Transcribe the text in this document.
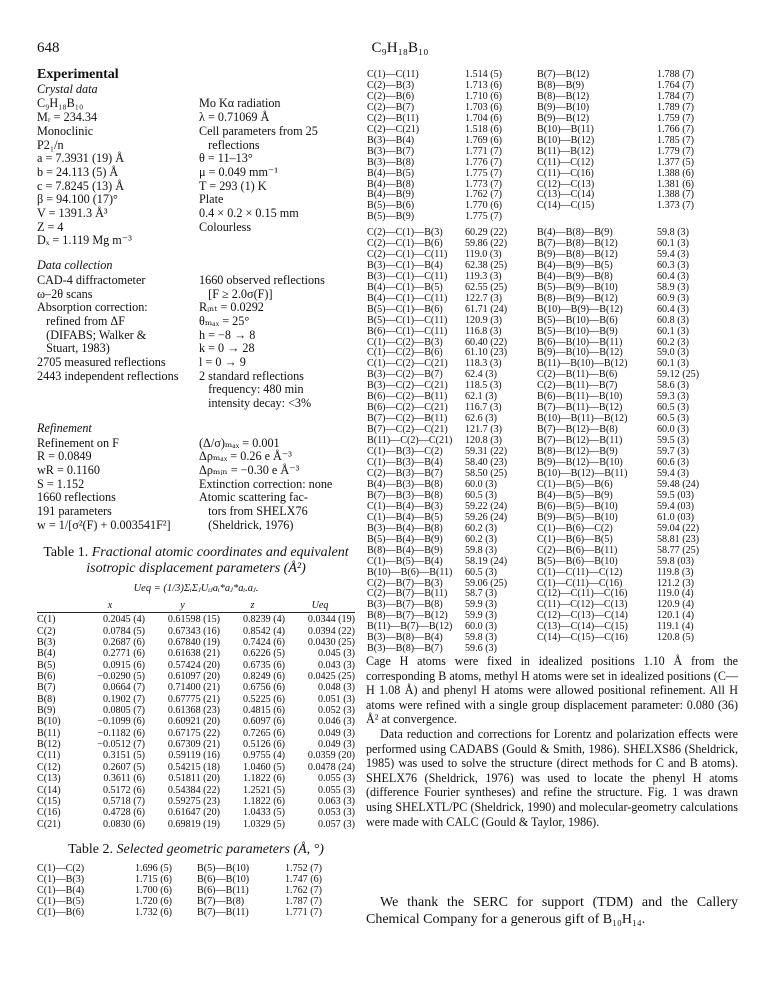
648	C₉H₁₈B₁₀
Experimental
Crystal data
C₉H₁₈B₁₀	Mo Kα radiation
Mᵣ = 234.34	λ = 0.71069 Å
Monoclinic	Cell parameters from 25
P2₁/n	reflections
a = 7.3931 (19) Å	θ = 11–13°
b = 24.113 (5) Å	μ = 0.049 mm⁻¹
c = 7.8245 (13) Å	T = 293 (1) K
β = 94.100 (17)°	Plate
V = 1391.3 Å³	0.4 × 0.2 × 0.15 mm
Z = 4	Colourless
Dₓ = 1.119 Mg m⁻³
Data collection
CAD-4 diffractometer	1660 observed reflections
ω–2θ scans	[F ≥ 2.0σ(F)]
Absorption correction:	Rᵢₙₜ = 0.0292
refined from ΔF	θₘₐₓ = 25°
(DIFABS; Walker &	h = −8 → 8
Stuart, 1983)	k = 0 → 28
2705 measured reflections	l = 0 → 9
2443 independent reflections	2 standard reflections
frequency: 480 min
intensity decay: <3%
Refinement
Refinement on F	(Δ/σ)ₘₐₓ = 0.001
R = 0.0849	Δρₘₐₓ = 0.26 e Å⁻³
wR = 0.1160	Δρₘᵢₙ = −0.30 e Å⁻³
S = 1.152	Extinction correction: none
1660 reflections	Atomic scattering fac-
191 parameters	tors from SHELX76
w = 1/[σ²(F) + 0.003541F²]	(Sheldrick, 1976)
Table 1. Fractional atomic coordinates and equivalent isotropic displacement parameters (Å²)
Ueq = (1/3)ΣᵢΣⱼUᵢⱼaᵢ*aⱼ*aᵢ.aⱼ.
	x	y	z	Ueq
C(1)	0.2045 (4)	0.61598 (15)	0.8239 (4)	0.0344 (19)
C(2)	0.0784 (5)	0.67343 (16)	0.8542 (4)	0.0394 (22)
B(3)	0.2687 (6)	0.67840 (19)	0.7424 (6)	0.0430 (25)
B(4)	0.2771 (6)	0.61638 (21)	0.6226 (5)	0.045 (3)
B(5)	0.0915 (6)	0.57424 (20)	0.6735 (6)	0.043 (3)
B(6)	−0.0290 (5)	0.61097 (20)	0.8249 (6)	0.0425 (25)
B(7)	0.0664 (7)	0.71400 (21)	0.6756 (6)	0.048 (3)
B(8)	0.1902 (7)	0.67775 (21)	0.5225 (6)	0.051 (3)
B(9)	0.0805 (7)	0.61368 (23)	0.4815 (6)	0.052 (3)
B(10)	−0.1099 (6)	0.60921 (20)	0.6097 (6)	0.046 (3)
B(11)	−0.1182 (6)	0.67175 (22)	0.7265 (6)	0.049 (3)
B(12)	−0.0512 (7)	0.67309 (21)	0.5126 (6)	0.049 (3)
C(11)	0.3151 (5)	0.59119 (16)	0.9755 (4)	0.0359 (20)
C(12)	0.2607 (5)	0.54215 (18)	1.0460 (5)	0.0478 (24)
C(13)	0.3611 (6)	0.51811 (20)	1.1822 (6)	0.055 (3)
C(14)	0.5172 (6)	0.54384 (22)	1.2521 (5)	0.055 (3)
C(15)	0.5718 (7)	0.59275 (23)	1.1822 (6)	0.063 (3)
C(16)	0.4728 (6)	0.61647 (20)	1.0433 (5)	0.053 (3)
C(21)	0.0830 (6)	0.69819 (19)	1.0329 (5)	0.057 (3)
Table 2. Selected geometric parameters (Å, °)
C(1)—C(2)	1.696 (5)	B(5)—B(10)	1.752 (7)
C(1)—B(3)	1.715 (6)	B(6)—B(10)	1.747 (6)
C(1)—B(4)	1.700 (6)	B(6)—B(11)	1.762 (7)
C(1)—B(5)	1.720 (6)	B(7)—B(8)	1.787 (7)
C(1)—B(6)	1.732 (6)	B(7)—B(11)	1.771 (7)
C(1)—C(11)	1.514 (5)	B(7)—B(12)	1.788 (7)
C(2)—B(3)	1.713 (6)	B(8)—B(9)	1.764 (7)
C(2)—B(6)	1.710 (6)	B(8)—B(12)	1.784 (7)
C(2)—B(7)	1.703 (6)	B(9)—B(10)	1.789 (7)
C(2)—B(11)	1.704 (6)	B(9)—B(12)	1.759 (7)
C(2)—C(21)	1.518 (6)	B(10)—B(11)	1.766 (7)
B(3)—B(4)	1.769 (6)	B(10)—B(12)	1.785 (7)
B(3)—B(7)	1.771 (7)	B(11)—B(12)	1.779 (7)
B(3)—B(8)	1.776 (7)	C(11)—C(12)	1.377 (5)
B(4)—B(5)	1.775 (7)	C(11)—C(16)	1.388 (6)
B(4)—B(8)	1.773 (7)	C(12)—C(13)	1.381 (6)
B(4)—B(9)	1.762 (7)	C(13)—C(14)	1.388 (7)
B(5)—B(6)	1.770 (6)	C(14)—C(15)	1.373 (7)
B(5)—B(9)	1.775 (7)		
C(2)—C(1)—B(3)	60.29 (22)	B(4)—B(8)—B(9)	59.8 (3)
C(2)—C(1)—B(6)	59.86 (22)	B(7)—B(8)—B(12)	60.1 (3)
C(2)—C(1)—C(11)	119.0 (3)	B(9)—B(8)—B(12)	59.4 (3)
B(3)—C(1)—B(4)	62.38 (25)	B(4)—B(9)—B(5)	60.3 (3)
B(3)—C(1)—C(11)	119.3 (3)	B(4)—B(9)—B(8)	60.4 (3)
B(4)—C(1)—B(5)	62.55 (25)	B(5)—B(9)—B(10)	58.9 (3)
B(4)—C(1)—C(11)	122.7 (3)	B(8)—B(9)—B(12)	60.9 (3)
B(5)—C(1)—B(6)	61.71 (24)	B(10)—B(9)—B(12)	60.4 (3)
B(5)—C(1)—C(11)	120.9 (3)	B(5)—B(10)—B(6)	60.8 (3)
B(6)—C(1)—C(11)	116.8 (3)	B(5)—B(10)—B(9)	60.1 (3)
C(1)—C(2)—B(3)	60.40 (22)	B(6)—B(10)—B(11)	60.2 (3)
C(1)—C(2)—B(6)	61.10 (23)	B(9)—B(10)—B(12)	59.0 (3)
C(1)—C(2)—C(21)	118.3 (3)	B(11)—B(10)—B(12)	60.1 (3)
B(3)—C(2)—B(7)	62.4 (3)	C(2)—B(11)—B(6)	59.12 (25)
B(3)—C(2)—C(21)	118.5 (3)	C(2)—B(11)—B(7)	58.6 (3)
B(6)—C(2)—B(11)	62.1 (3)	B(6)—B(11)—B(10)	59.3 (3)
B(6)—C(2)—C(21)	116.7 (3)	B(7)—B(11)—B(12)	60.5 (3)
B(7)—C(2)—B(11)	62.6 (3)	B(10)—B(11)—B(12)	60.5 (3)
B(7)—C(2)—C(21)	121.7 (3)	B(7)—B(12)—B(8)	60.0 (3)
B(11)—C(2)—C(21)	120.8 (3)	B(7)—B(12)—B(11)	59.5 (3)
C(1)—B(3)—C(2)	59.31 (22)	B(8)—B(12)—B(9)	59.7 (3)
C(1)—B(3)—B(4)	58.40 (23)	B(9)—B(12)—B(10)	60.6 (3)
C(2)—B(3)—B(7)	58.50 (25)	B(10)—B(12)—B(11)	59.4 (3)
B(4)—B(3)—B(8)	60.0 (3)	C(1)—B(5)—B(6)	59.48 (24)
B(7)—B(3)—B(8)	60.5 (3)	B(4)—B(5)—B(9)	59.5 (03)
C(1)—B(4)—B(3)	59.22 (24)	B(6)—B(5)—B(10)	59.4 (03)
C(1)—B(4)—B(5)	59.26 (24)	B(9)—B(5)—B(10)	61.0 (03)
B(3)—B(4)—B(8)	60.2 (3)	C(1)—B(6)—C(2)	59.04 (22)
B(5)—B(4)—B(9)	60.2 (3)	C(1)—B(6)—B(5)	58.81 (23)
B(8)—B(4)—B(9)	59.8 (3)	C(2)—B(6)—B(11)	58.77 (25)
C(1)—B(5)—B(4)	58.19 (24)	B(5)—B(6)—B(10)	59.8 (03)
B(10)—B(6)—B(11)	60.5 (3)	C(1)—C(11)—C(12)	119.8 (3)
C(2)—B(7)—B(3)	59.06 (25)	C(1)—C(11)—C(16)	121.2 (3)
C(2)—B(7)—B(11)	58.7 (3)	C(12)—C(11)—C(16)	119.0 (4)
B(3)—B(7)—B(8)	59.9 (3)	C(11)—C(12)—C(13)	120.9 (4)
B(8)—B(7)—B(12)	59.9 (3)	C(12)—C(13)—C(14)	120.1 (4)
B(11)—B(7)—B(12)	60.0 (3)	C(13)—C(14)—C(15)	119.1 (4)
B(3)—B(8)—B(4)	59.8 (3)	C(14)—C(15)—C(16)	120.8 (5)
B(3)—B(8)—B(7)	59.6 (3)		

Cage H atoms were fixed in idealized positions 1.10 Å from the corresponding B atoms, methyl H atoms were set in idealized positions (C—H 1.08 Å) and phenyl H atoms were allowed positional refinement. All H atoms were refined with a single group displacement parameter: 0.080 (36) Å² at convergence.

Data reduction and corrections for Lorentz and polarization effects were performed using CADABS (Gould & Smith, 1986). SHELXS86 (Sheldrick, 1985) was used to solve the structure (direct methods for C and B atoms). SHELX76 (Sheldrick, 1976) was used to locate the phenyl H atoms (difference Fourier syntheses) and refine the structure. Fig. 1 was drawn using SHELXTL/PC (Sheldrick, 1990) and molecular-geometry calculations were made with CALC (Gould & Taylor, 1986).

We thank the SERC for support (TDM) and the Callery Chemical Company for a generous gift of B₁₀H₁₄.
